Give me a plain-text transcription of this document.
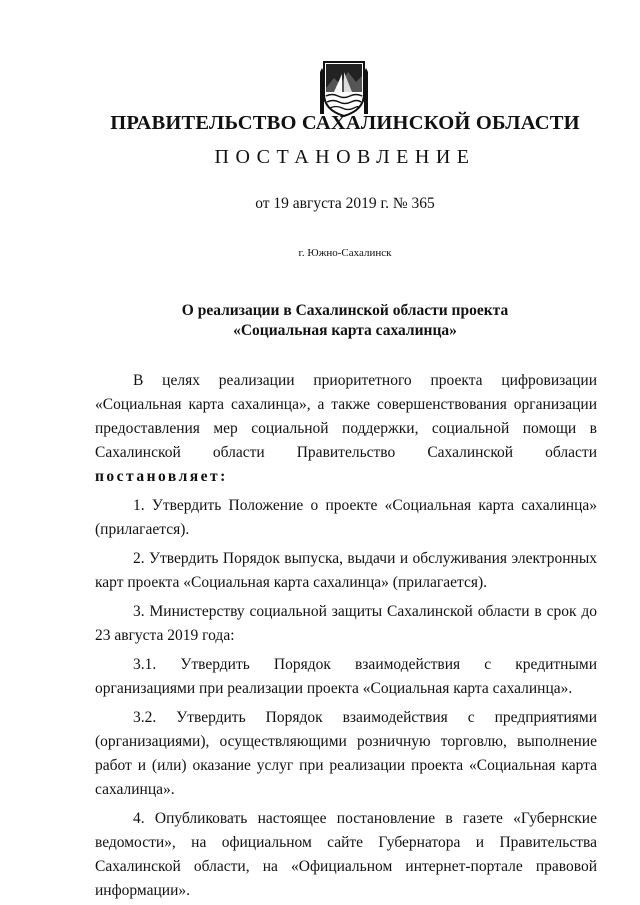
ПРАВИТЕЛЬСТВО САХАЛИНСКОЙ ОБЛАСТИ
ПОСТАНОВЛЕНИЕ
от 19 августа 2019 г. № 365
г. Южно-Сахалинск
О реализации в Сахалинской области проекта
«Социальная карта сахалинца»

В целях реализации приоритетного проекта цифровизации «Социальная карта сахалинца», а также совершенствования организации предоставления мер социальной поддержки, социальной помощи в Сахалинской области Правительство Сахалинской области постановляет:

1. Утвердить Положение о проекте «Социальная карта сахалинца» (прилагается).

2. Утвердить Порядок выпуска, выдачи и обслуживания электронных карт проекта «Социальная карта сахалинца» (прилагается).

3. Министерству социальной защиты Сахалинской области в срок до 23 августа 2019 года:

3.1. Утвердить Порядок взаимодействия с кредитными организациями при реализации проекта «Социальная карта сахалинца».

3.2. Утвердить Порядок взаимодействия с предприятиями (организациями), осуществляющими розничную торговлю, выполнение работ и (или) оказание услуг при реализации проекта «Социальная карта сахалинца».

4. Опубликовать настоящее постановление в газете «Губернские ведомости», на официальном сайте Губернатора и Правительства Сахалинской области, на «Официальном интернет-портале правовой информации».
